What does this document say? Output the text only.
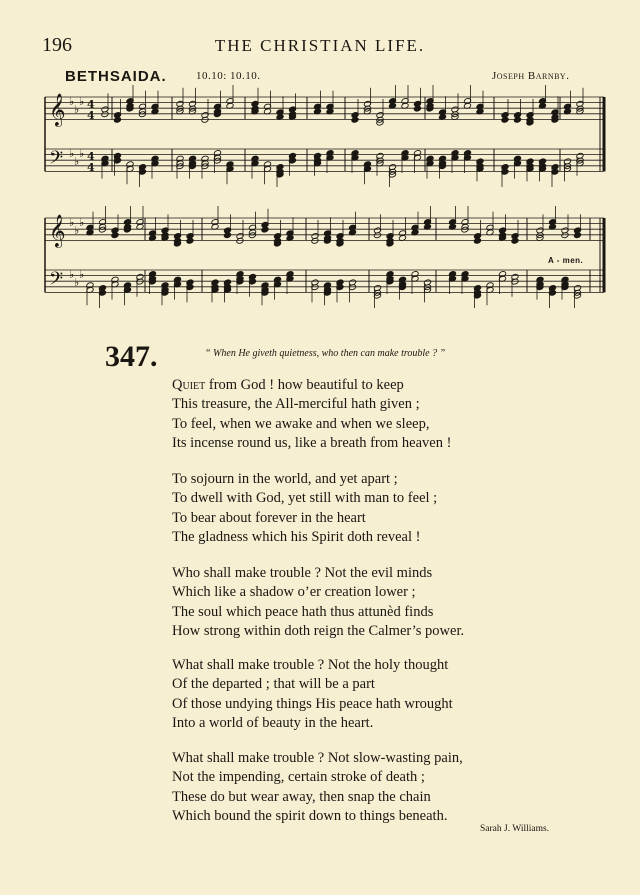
196	THE CHRISTIAN LIFE.
BETHSAIDA.	10.10: 10.10.	Joseph Barnby.
𝄞 ♭
♭
♭ 4
4
𝄢 ♭
♭
♭ 4
4
𝄞 ♭
♭
♭
𝄢 ♭
♭
♭
A - men.
347.	“ When He giveth quietness, who then can make trouble ? ”
Quiet from God ! how beautiful to keep
This treasure, the All-merciful hath given ;
To feel, when we awake and when we sleep,
Its incense round us, like a breath from heaven !
To sojourn in the world, and yet apart ;
To dwell with God, yet still with man to feel ;
To bear about forever in the heart
The gladness which his Spirit doth reveal !
Who shall make trouble ? Not the evil minds
Which like a shadow o’er creation lower ;
The soul which peace hath thus attunèd finds
How strong within doth reign the Calmer’s power.
What shall make trouble ? Not the holy thought
Of the departed ; that will be a part
Of those undying things His peace hath wrought
Into a world of beauty in the heart.
What shall make trouble ? Not slow-wasting pain,
Not the impending, certain stroke of death ;
These do but wear away, then snap the chain
Which bound the spirit down to things beneath.
Sarah J. Williams.
